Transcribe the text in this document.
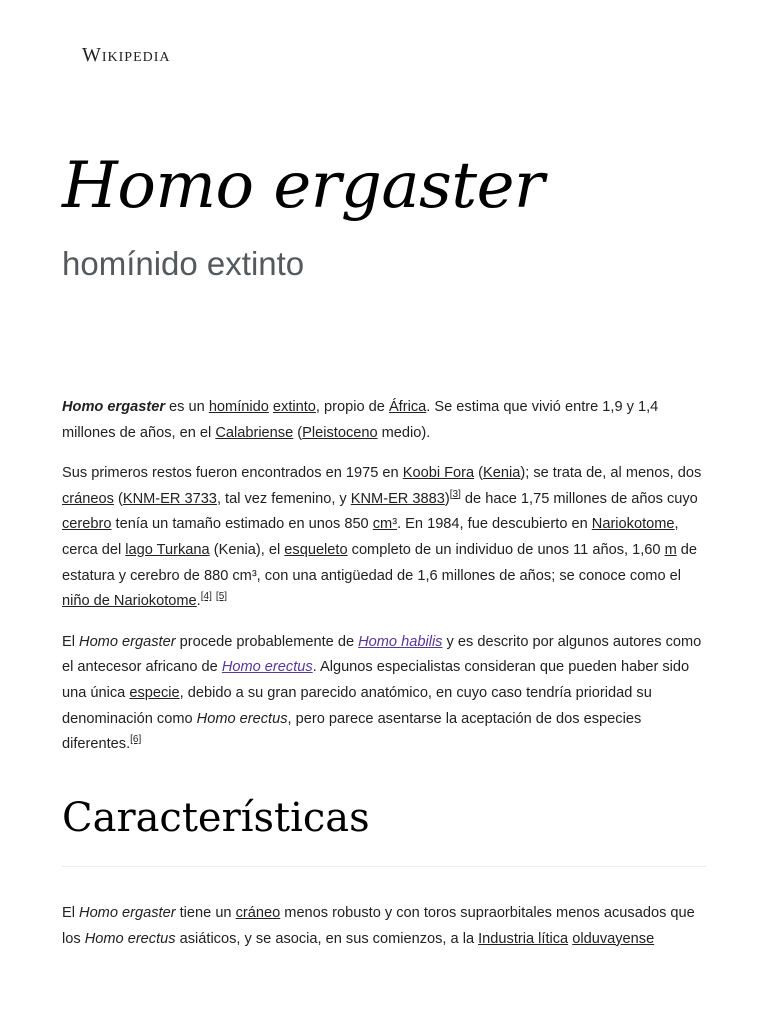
Wikipedia
Homo ergaster
homínido extinto

Homo ergaster es un homínido extinto, propio de África. Se estima que vivió entre 1,9 y 1,4 millones de años, en el Calabriense (Pleistoceno medio).

Sus primeros restos fueron encontrados en 1975 en Koobi Fora (Kenia); se trata de, al menos, dos cráneos (KNM-ER 3733, tal vez femenino, y KNM-ER 3883)[3] de hace 1,75 millones de años cuyo cerebro tenía un tamaño estimado en unos 850 cm³. En 1984, fue descubierto en Nariokotome, cerca del lago Turkana (Kenia), el esqueleto completo de un individuo de unos 11 años, 1,60 m de estatura y cerebro de 880 cm³, con una antigüedad de 1,6 millones de años; se conoce como el niño de Nariokotome.[4] [5]

El Homo ergaster procede probablemente de Homo habilis y es descrito por algunos autores como el antecesor africano de Homo erectus. Algunos especialistas consideran que pueden haber sido una única especie, debido a su gran parecido anatómico, en cuyo caso tendría prioridad su denominación como Homo erectus, pero parece asentarse la aceptación de dos especies diferentes.[6]

Características

El Homo ergaster tiene un cráneo menos robusto y con toros supraorbitales menos acusados que los Homo erectus asiáticos, y se asocia, en sus comienzos, a la Industria lítica olduvayense
